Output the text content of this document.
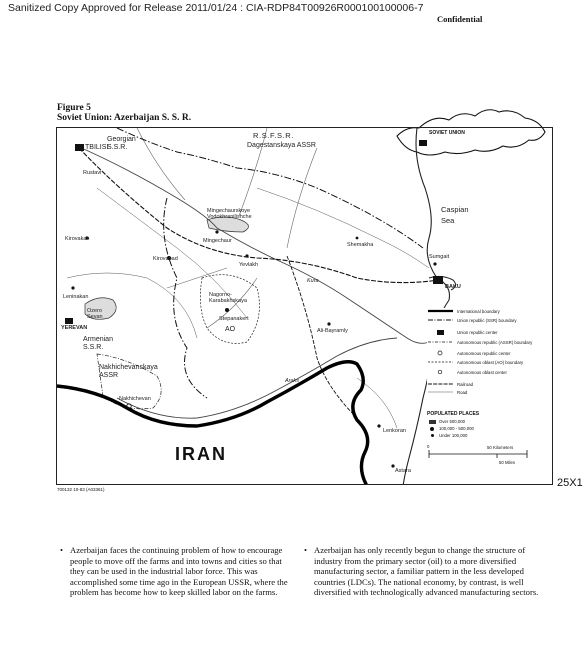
Sanitized Copy Approved for Release 2011/01/24 : CIA-RDP84T00926R000100100006-7
Confidential
Figure 5
Soviet Union: Azerbaijan S. S. R.
SOVIET UNION
TBILISI
Georgian
S.S.R.
R.S.F.S.R.
Dagestanskaya ASSR
Rustavi
Mingechaurskoye
Vodokhranilishche
Caspian
Sea
Sumgait
BAKU
Kirovabad
Mingechaur
Yevlakh
Kirovakan
Leninakan
Ozero
Sevan
YEREVAN
Armenian
S.S.R.
Nagorno-
Karabakhskaya
Stepanakert
AO
Nakhichevanskaya
ASSR
Nakhichevan
IRAN
Lenkoran
Ali-Bayramly
Astara
Kura
Araks
Shemakha
International boundary
Union republic (SSR) boundary
Union republic center
Autonomous republic (ASSR) boundary
Autonomous republic center
Autonomous oblast (AO) boundary
Autonomous oblast center
Railroad
Road
POPULATED PLACES
Over 500,000
100,000 - 500,000
Under 100,000
0	50 Kilometers
50 Miles
700132 10-83 (A03361)
25X1
• Azerbaijan faces the continuing problem of how to encourage people to move off the farms and into towns and cities so that they can be used in the industrial labor force. This was accomplished some time ago in the European USSR, where the problem has become how to keep skilled labor on the farms.
• Azerbaijan has only recently begun to change the structure of industry from the primary sector (oil) to a more diversified manufacturing sector, a familiar pattern in the less developed countries (LDCs). The national economy, by contrast, is well diversified with technologically advanced manufacturing sectors.
